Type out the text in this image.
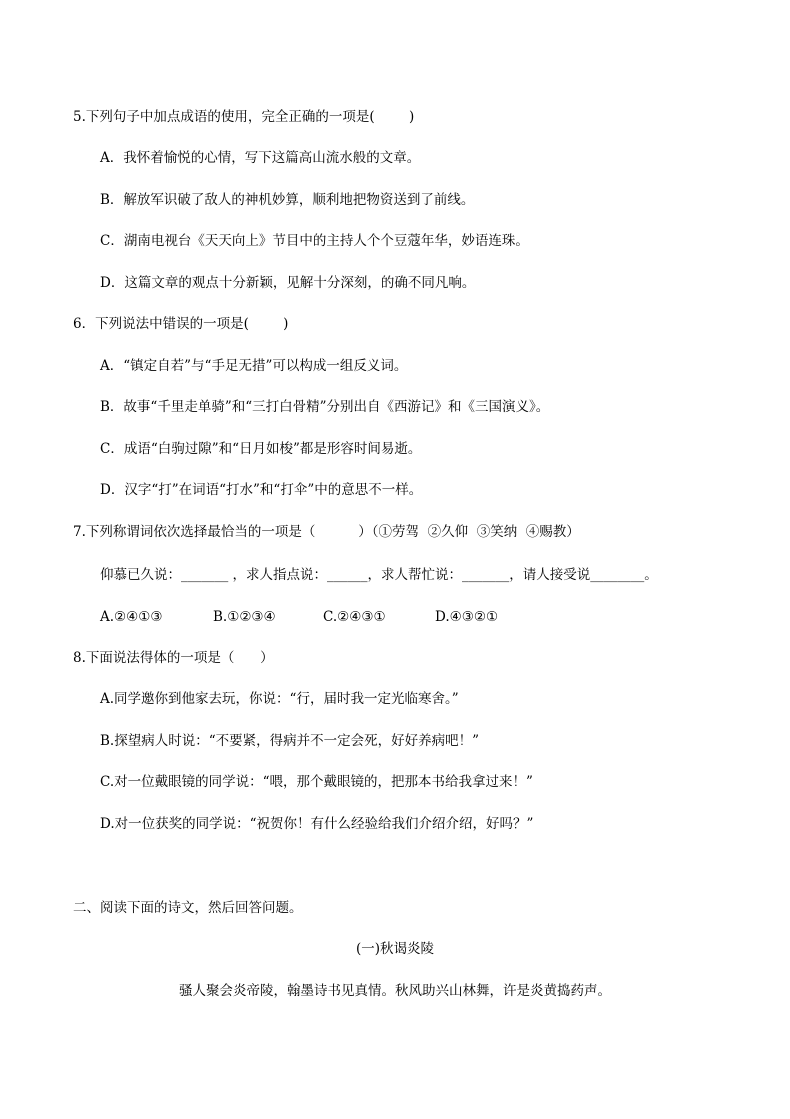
5.下列句子中加点成语的使用，完全正确的一项是(        )
A．我怀着愉悦的心情，写下这篇高山流水般的文章。
B．解放军识破了敌人的神机妙算，顺利地把物资送到了前线。
C．湖南电视台《天天向上》节目中的主持人个个豆蔻年华，妙语连珠。
D．这篇文章的观点十分新颖，见解十分深刻，的确不同凡响。
6．下列说法中错误的一项是(        )
A．“镇定自若”与“手足无措”可以构成一组反义词。
B．故事“千里走单骑”和“三打白骨精”分别出自《西游记》和《三国演义》。
C．成语“白驹过隙”和“日月如梭”都是形容时间易逝。
D．汉字“打”在词语“打水”和“打伞”中的意思不一样。
7.下列称谓词依次选择最恰当的一项是（          ）（①劳驾  ②久仰  ③笑纳  ④赐教）
仰慕已久说：_______ ，求人指点说：______，求人帮忙说：_______，请人接受说________。
A.②④①③	B.①②③④	C.②④③①	D.④③②①
8.下面说法得体的一项是（      ）
A.同学邀你到他家去玩，你说：“行，届时我一定光临寒舍。”
B.探望病人时说：“不要紧，得病并不一定会死，好好养病吧！”
C.对一位戴眼镜的同学说：“喂，那个戴眼镜的，把那本书给我拿过来！”
D.对一位获奖的同学说：“祝贺你！有什么经验给我们介绍介绍，好吗？”
二、阅读下面的诗文，然后回答问题。
(一)秋谒炎陵
骚人聚会炎帝陵，翰墨诗书见真情。秋风助兴山林舞，许是炎黄捣药声。
